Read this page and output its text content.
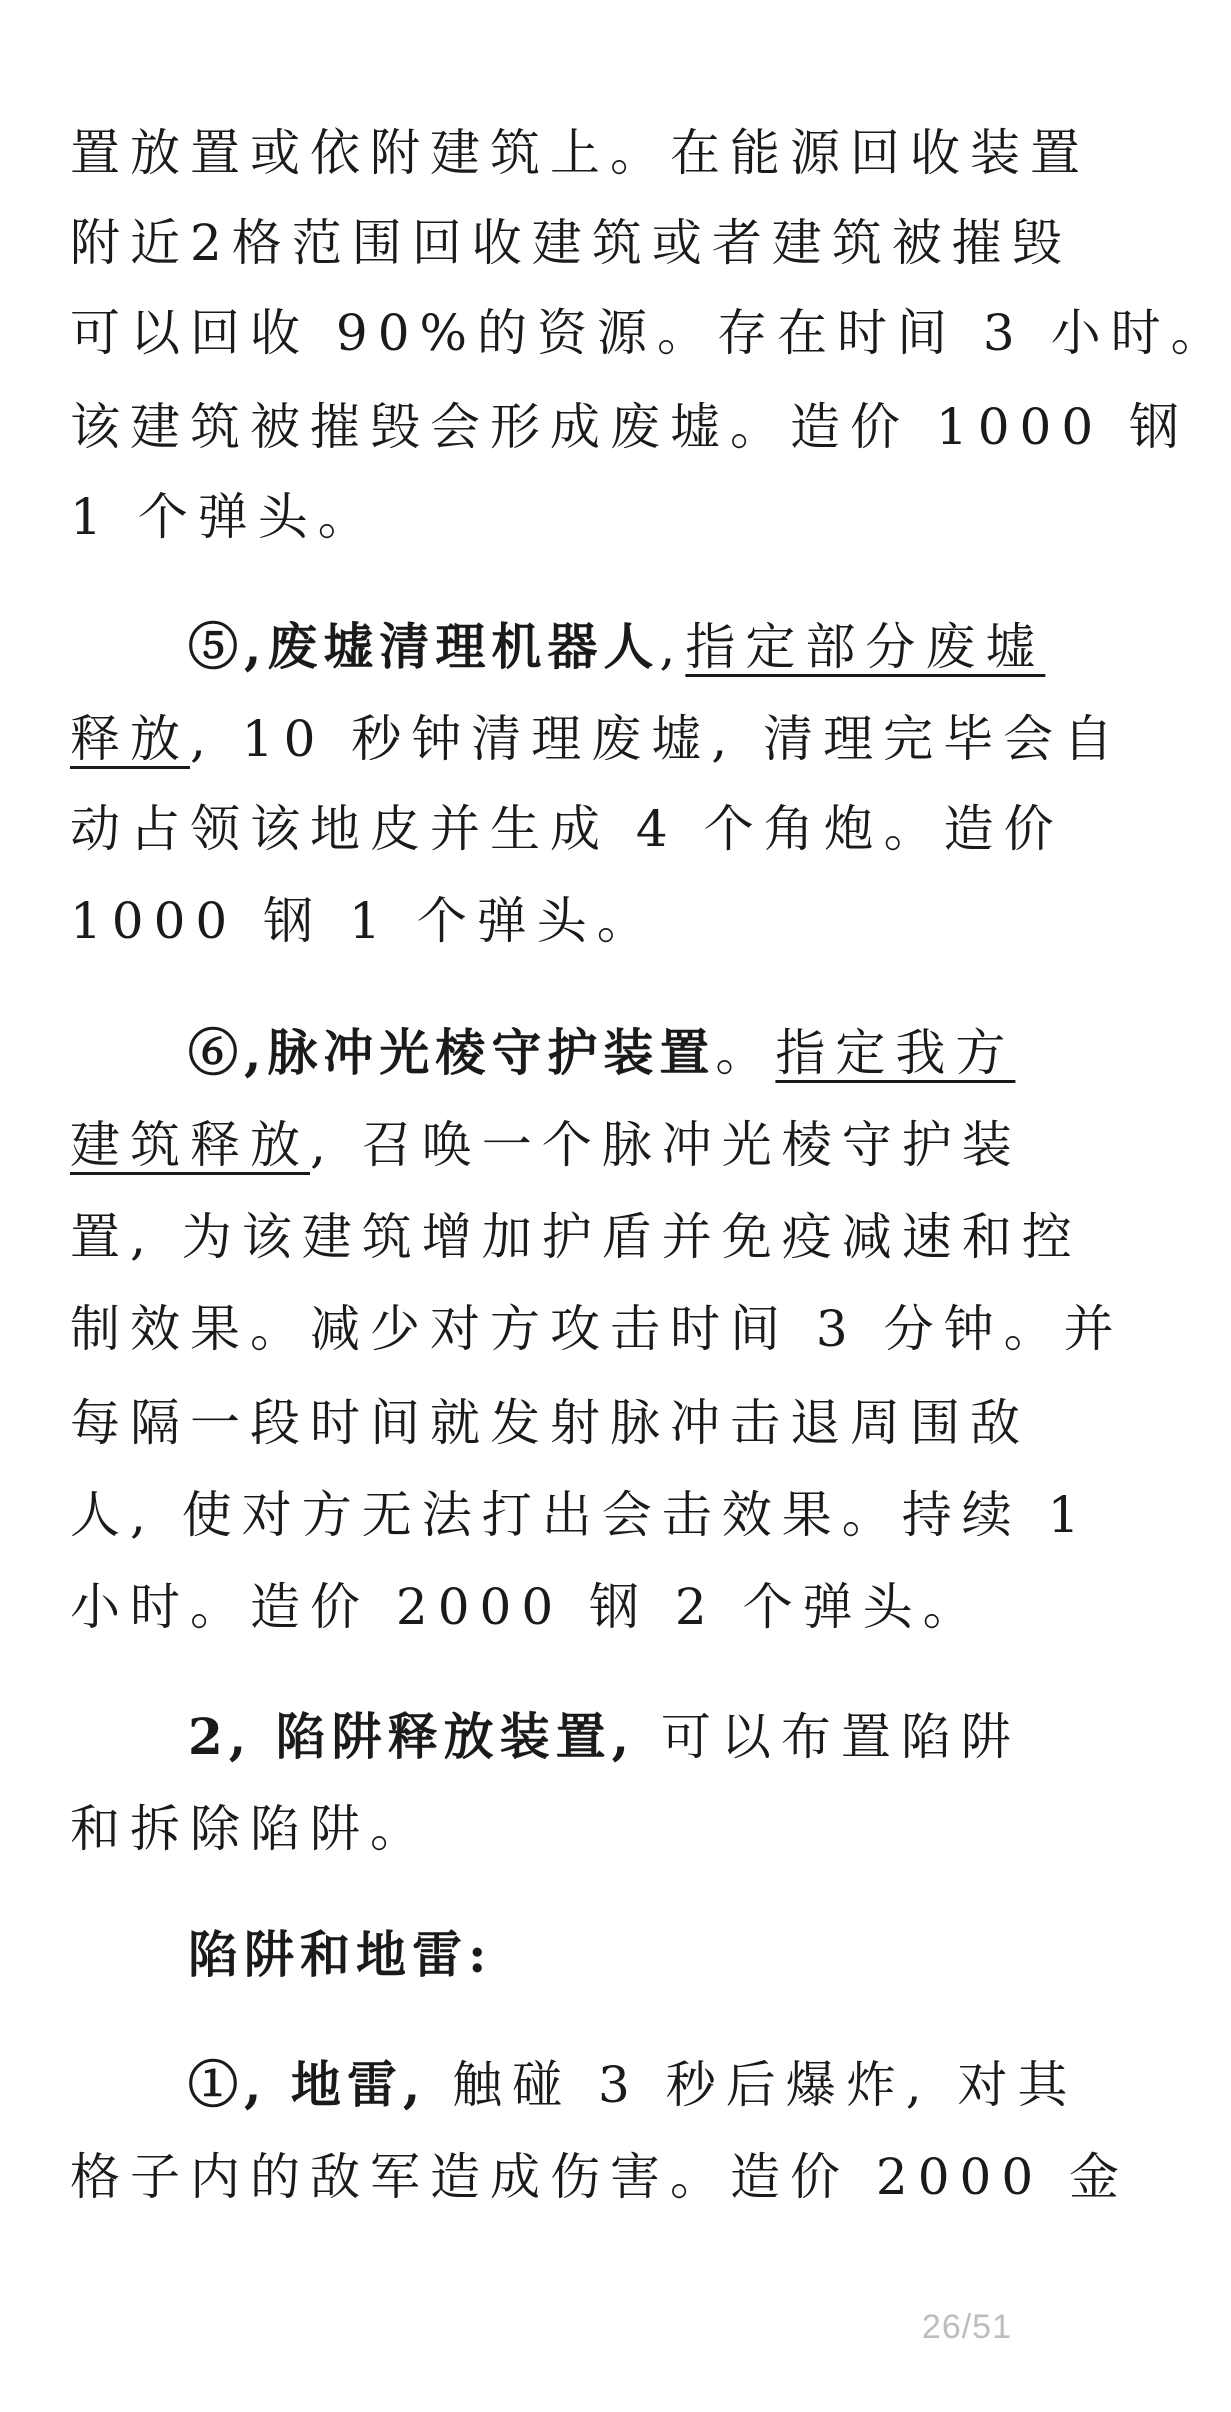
置放置或依附建筑上。在能源回收装置
附近2格范围回收建筑或者建筑被摧毁
可以回收 90%的资源。存在时间 3 小时。
该建筑被摧毁会形成废墟。造价 1000 钢
1 个弹头。
⑤,废墟清理机器人,指定部分废墟
释放, 10 秒钟清理废墟, 清理完毕会自
动占领该地皮并生成 4 个角炮。造价
1000 钢 1 个弹头。
⑥,脉冲光棱守护装置。指定我方
建筑释放, 召唤一个脉冲光棱守护装
置, 为该建筑增加护盾并免疫减速和控
制效果。减少对方攻击时间 3 分钟。并
每隔一段时间就发射脉冲击退周围敌
人, 使对方无法打出会击效果。持续 1
小时。造价 2000 钢 2 个弹头。
2, 陷阱释放装置, 可以布置陷阱
和拆除陷阱。
陷阱和地雷:
①, 地雷, 触碰 3 秒后爆炸, 对其
格子内的敌军造成伤害。造价 2000 金
26/51
